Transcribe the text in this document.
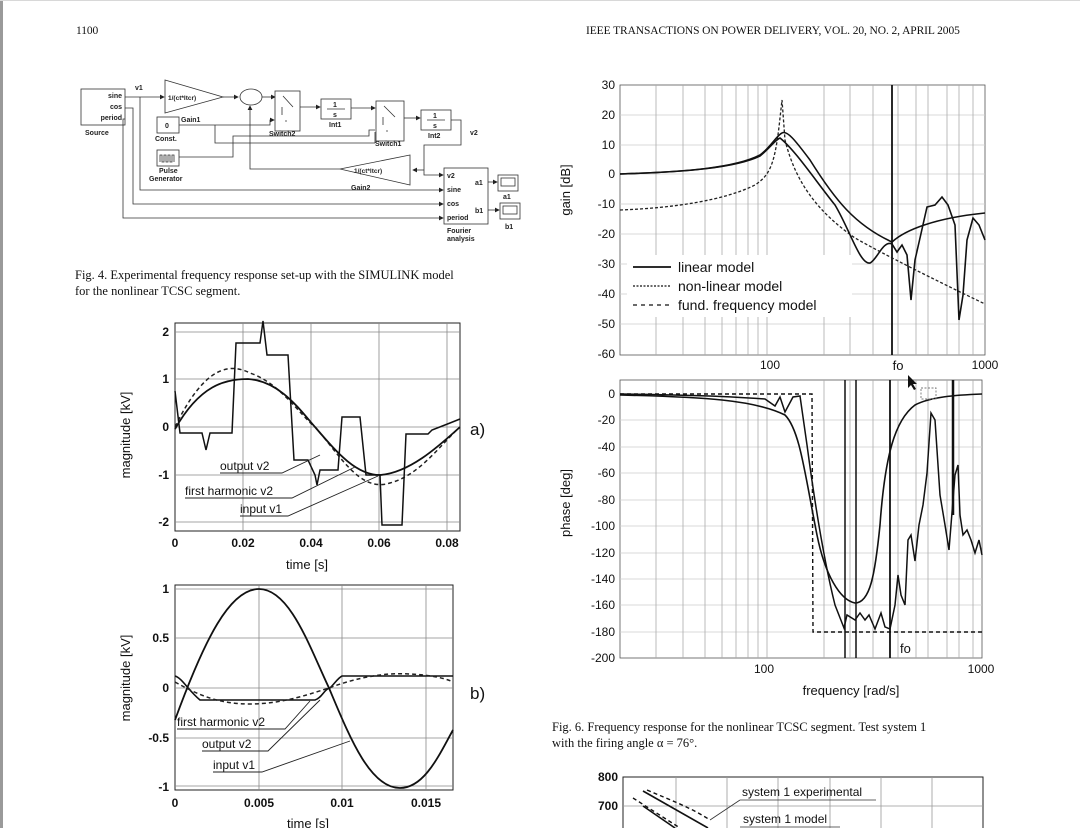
1100	IEEE TRANSACTIONS ON POWER DELIVERY, VOL. 20, NO. 2, APRIL 2005
sine
cos
period
Source
v1
1/(ct*ltcr)
Switch2
1
s
Int1
Switch1
1
s
Int2	v2
0
Gain1
Const.
Pulse
Generator
1/(ct*ltcr)
Gain2
v2
sine
cos
period
a1
b1
Fourier
analysis
a1
b1
Fig. 4. Experimental frequency response set-up with the SIMULINK model
for the nonlinear TCSC segment.
magnitude [kV]
2
1
0
-1
-2
0	0.02	0.04	0.06	0.08
time [s]
a)
output v2
first harmonic v2
input v1
magnitude [kV]
1
0.5
0
-0.5
-1
0	0.005	0.01	0.015
time [s]
b)
first harmonic v2
output v2
input v1
gain [dB]
30
20
10
0
-10
-20
-30
-40
-50
-60
100	fo	1000
linear model
non-linear model
fund. frequency model
phase [deg]
0
-20
-40
-60
-80
-100
-120
-140
-160
-180
-200
100	1000
fo
frequency [rad/s]
Fig. 6. Frequency response for the nonlinear TCSC segment. Test system 1
with the firing angle α = 76°.
800
700
system 1 experimental
system 1 model
